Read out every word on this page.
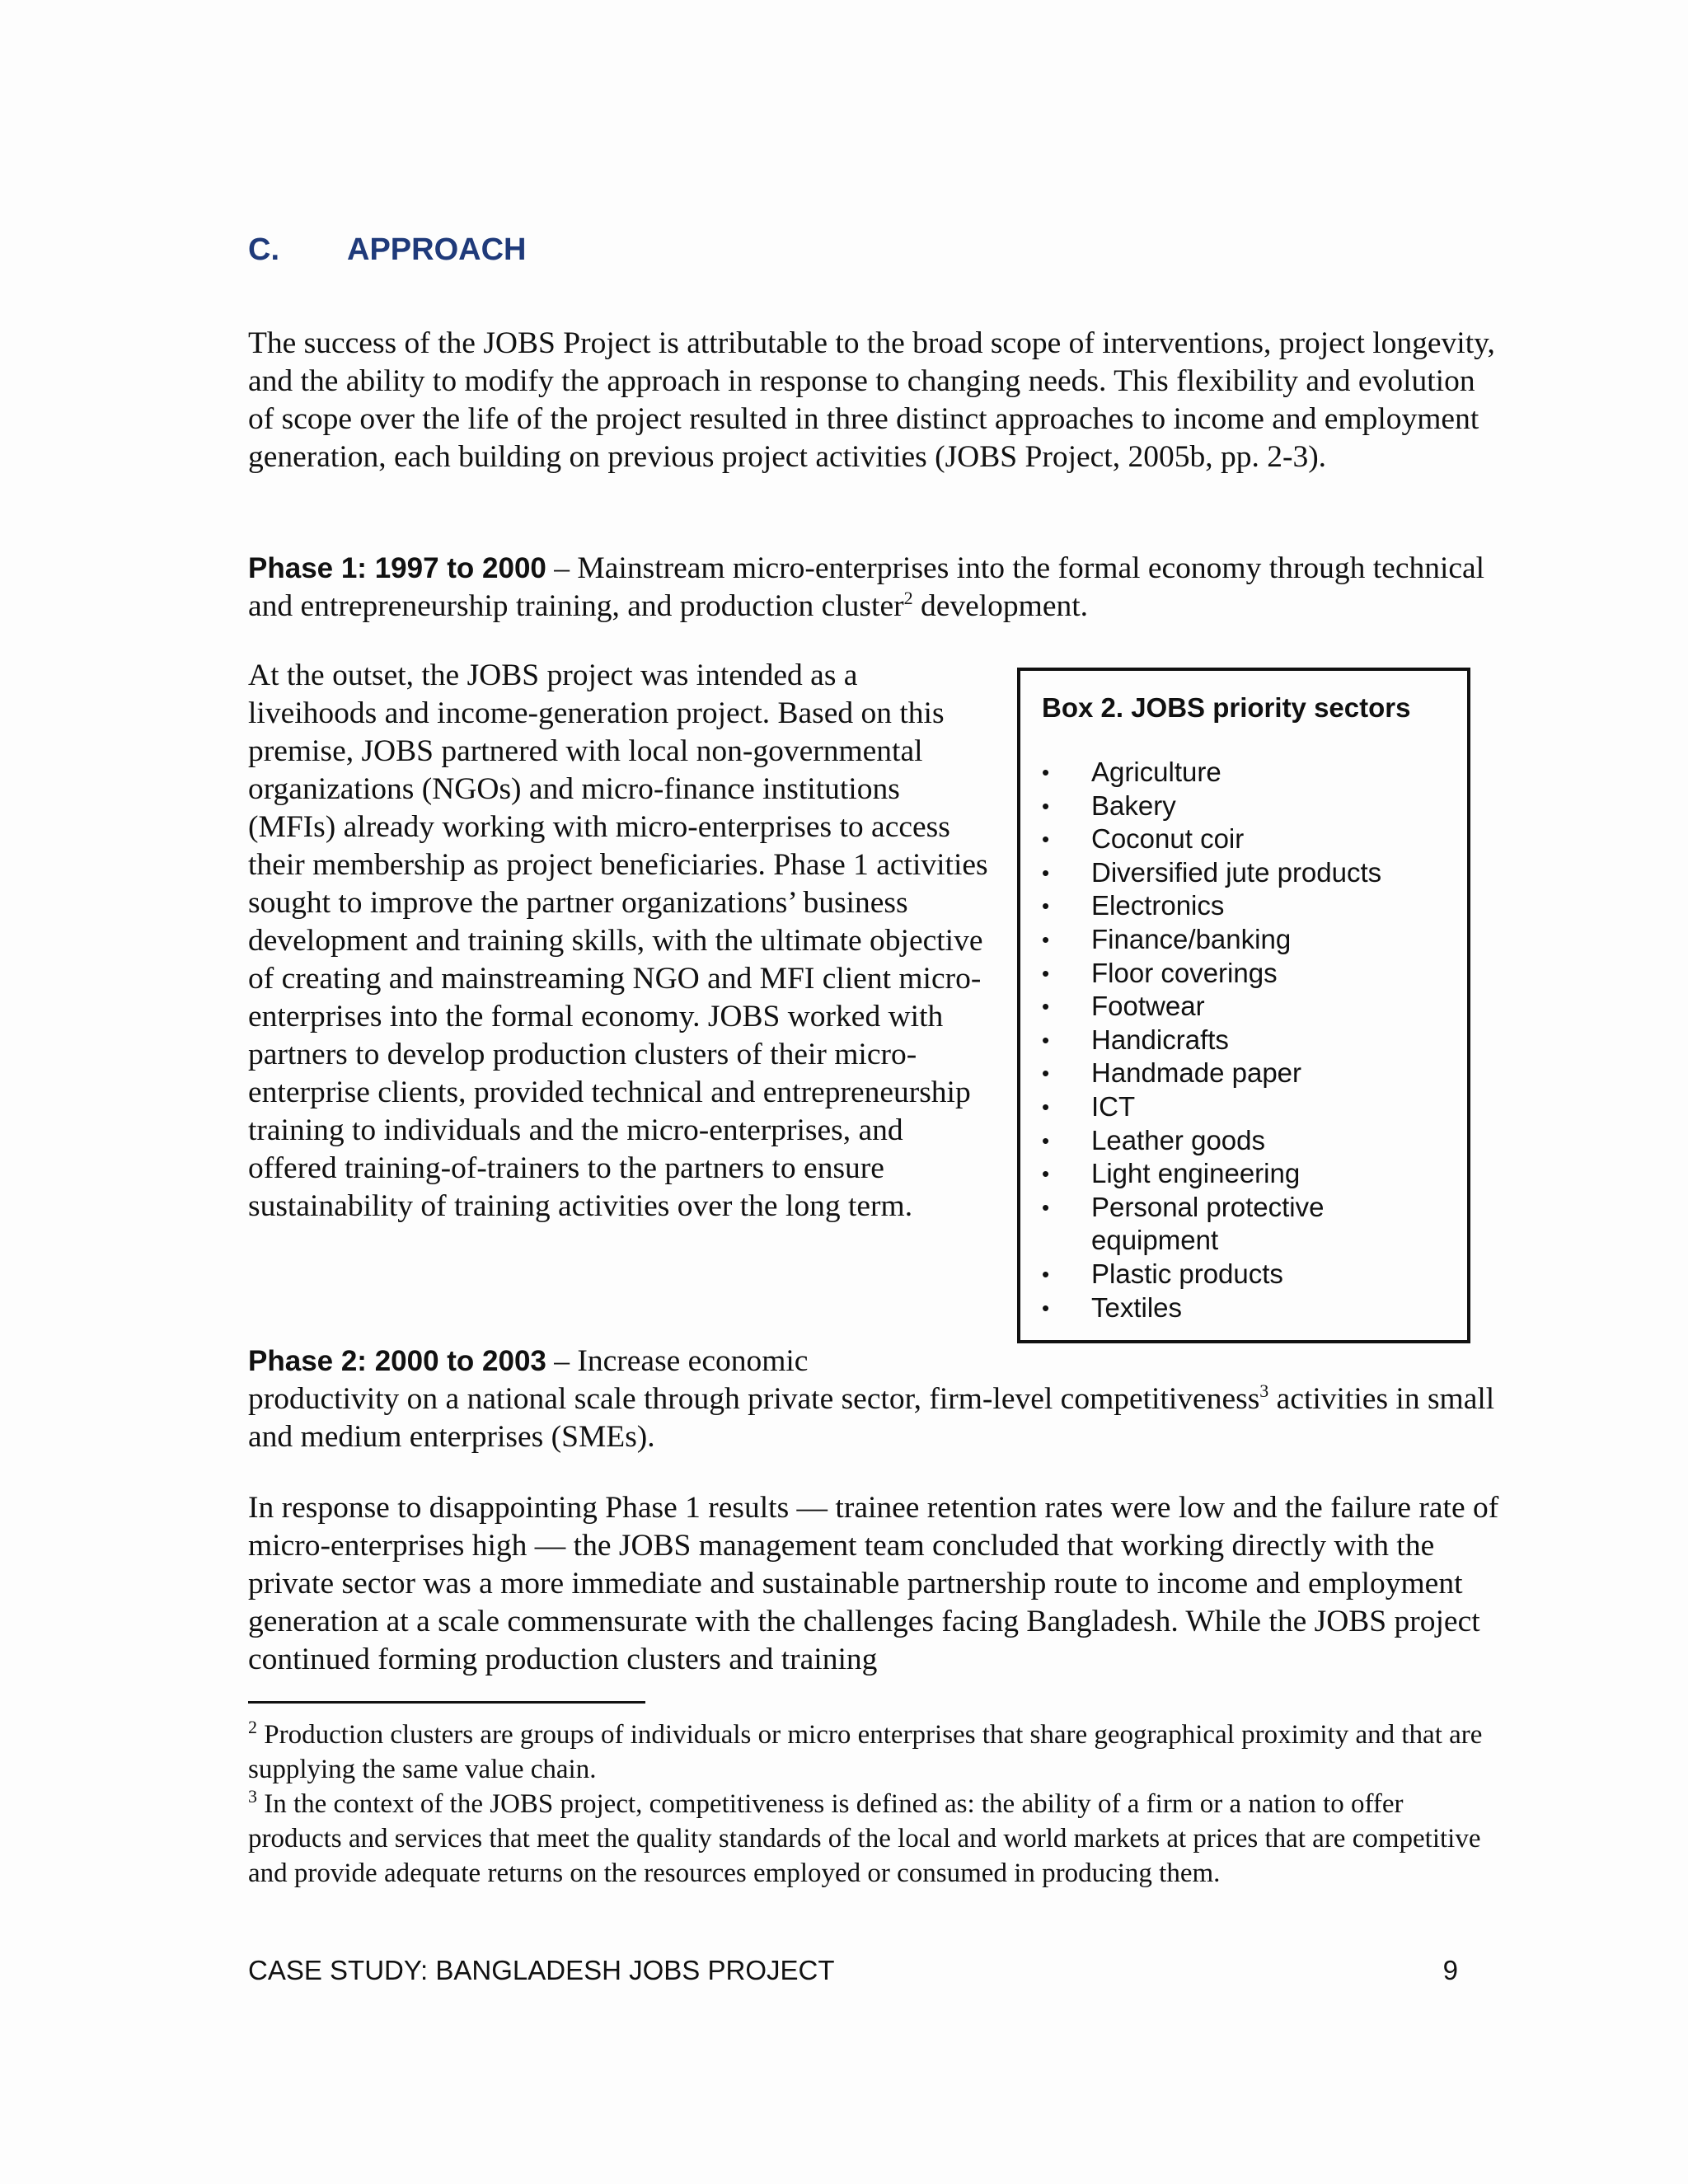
C.	APPROACH

The success of the JOBS Project is attributable to the broad scope of interventions, project longevity, and the ability to modify the approach in response to changing needs. This flexibility and evolution of scope over the life of the project resulted in three distinct approaches to income and employment generation, each building on previous project activities (JOBS Project, 2005b, pp. 2-3).

Phase 1: 1997 to 2000 – Mainstream micro-enterprises into the formal economy through technical and entrepreneurship training, and production cluster$^2$ development.

At the outset, the JOBS project was intended as a liveihoods and income-generation project. Based on this premise, JOBS partnered with local non-governmental organizations (NGOs) and micro-finance institutions (MFIs) already working with micro-enterprises to access their membership as project beneficiaries. Phase 1 activities sought to improve the partner organizations’ business development and training skills, with the ultimate objective of creating and mainstreaming NGO and MFI client micro-enterprises into the formal economy. JOBS worked with partners to develop production clusters of their micro-enterprise clients, provided technical and entrepreneurship training to individuals and the micro-enterprises, and offered training-of-trainers to the partners to ensure sustainability of training activities over the long term.

Box 2. JOBS priority sectors
•	Agriculture
•	Bakery
•	Coconut coir
•	Diversified jute products
•	Electronics
•	Finance/banking
•	Floor coverings
•	Footwear
•	Handicrafts
•	Handmade paper
•	ICT
•	Leather goods
•	Light engineering
•	Personal protective equipment
•	Plastic products
•	Textiles

Phase 2: 2000 to 2003 – Increase economic
productivity on a national scale through private sector, firm-level competitiveness$^3$ activities in small and medium enterprises (SMEs).

In response to disappointing Phase 1 results — trainee retention rates were low and the failure rate of micro-enterprises high — the JOBS management team concluded that working directly with the private sector was a more immediate and sustainable partnership route to income and employment generation at a scale commensurate with the challenges facing Bangladesh. While the JOBS project continued forming production clusters and training

$^2$ Production clusters are groups of individuals or micro enterprises that share geographical proximity and that are supplying the same value chain.

$^3$ In the context of the JOBS project, competitiveness is defined as: the ability of a firm or a nation to offer products and services that meet the quality standards of the local and world markets at prices that are competitive and provide adequate returns on the resources employed or consumed in producing them.

CASE STUDY: BANGLADESH JOBS PROJECT	9
